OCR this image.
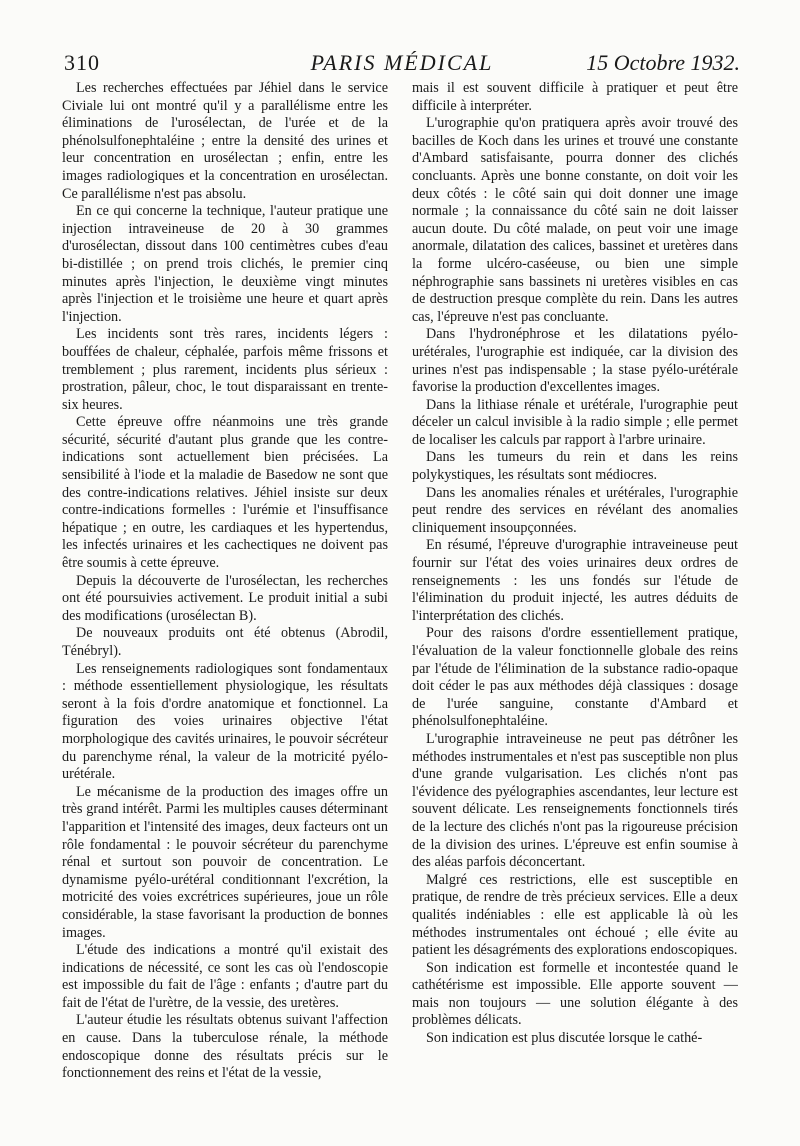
310	PARIS MÉDICAL	15 Octobre 1932.

Les recherches effectuées par Jéhiel dans le service Civiale lui ont montré qu'il y a parallélisme entre les éliminations de l'urosélectan, de l'urée et de la phénolsulfonephtaléine ; entre la densité des urines et leur concentration en urosélectan ; enfin, entre les images radiologiques et la concentration en urosélectan. Ce parallélisme n'est pas absolu.

En ce qui concerne la technique, l'auteur pratique une injection intraveineuse de 20 à 30 grammes d'urosélectan, dissout dans 100 centimètres cubes d'eau bi-distillée ; on prend trois clichés, le premier cinq minutes après l'injection, le deuxième vingt minutes après l'injection et le troisième une heure et quart après l'injection.

Les incidents sont très rares, incidents légers : bouffées de chaleur, céphalée, parfois même frissons et tremblement ; plus rarement, incidents plus sérieux : prostration, pâleur, choc, le tout disparaissant en trente-six heures.

Cette épreuve offre néanmoins une très grande sécurité, sécurité d'autant plus grande que les contre-indications sont actuellement bien précisées. La sensibilité à l'iode et la maladie de Basedow ne sont que des contre-indications relatives. Jéhiel insiste sur deux contre-indications formelles : l'urémie et l'insuffisance hépatique ; en outre, les cardiaques et les hypertendus, les infectés urinaires et les cachectiques ne doivent pas être soumis à cette épreuve.

Depuis la découverte de l'urosélectan, les recherches ont été poursuivies activement. Le produit initial a subi des modifications (urosélectan B).

De nouveaux produits ont été obtenus (Abrodil, Ténébryl).

Les renseignements radiologiques sont fondamentaux : méthode essentiellement physiologique, les résultats seront à la fois d'ordre anatomique et fonctionnel. La figuration des voies urinaires objective l'état morphologique des cavités urinaires, le pouvoir sécréteur du parenchyme rénal, la valeur de la motricité pyélo-urétérale.

Le mécanisme de la production des images offre un très grand intérêt. Parmi les multiples causes déterminant l'apparition et l'intensité des images, deux facteurs ont un rôle fondamental : le pouvoir sécréteur du parenchyme rénal et surtout son pouvoir de concentration. Le dynamisme pyélo-urétéral conditionnant l'excrétion, la motricité des voies excrétrices supérieures, joue un rôle considérable, la stase favorisant la production de bonnes images.

L'étude des indications a montré qu'il existait des indications de nécessité, ce sont les cas où l'endoscopie est impossible du fait de l'âge : enfants ; d'autre part du fait de l'état de l'urètre, de la vessie, des uretères.

L'auteur étudie les résultats obtenus suivant l'affection en cause. Dans la tuberculose rénale, la méthode endoscopique donne des résultats précis sur le fonctionnement des reins et l'état de la vessie,

mais il est souvent difficile à pratiquer et peut être difficile à interpréter.

L'urographie qu'on pratiquera après avoir trouvé des bacilles de Koch dans les urines et trouvé une constante d'Ambard satisfaisante, pourra donner des clichés concluants. Après une bonne constante, on doit voir les deux côtés : le côté sain qui doit donner une image normale ; la connaissance du côté sain ne doit laisser aucun doute. Du côté malade, on peut voir une image anormale, dilatation des calices, bassinet et uretères dans la forme ulcéro-caséeuse, ou bien une simple néphrographie sans bassinets ni uretères visibles en cas de destruction presque complète du rein. Dans les autres cas, l'épreuve n'est pas concluante.

Dans l'hydronéphrose et les dilatations pyélo-urétérales, l'urographie est indiquée, car la division des urines n'est pas indispensable ; la stase pyélo-urétérale favorise la production d'excellentes images.

Dans la lithiase rénale et urétérale, l'urographie peut déceler un calcul invisible à la radio simple ; elle permet de localiser les calculs par rapport à l'arbre urinaire.

Dans les tumeurs du rein et dans les reins polykystiques, les résultats sont médiocres.

Dans les anomalies rénales et urétérales, l'urographie peut rendre des services en révélant des anomalies cliniquement insoupçonnées.

En résumé, l'épreuve d'urographie intraveineuse peut fournir sur l'état des voies urinaires deux ordres de renseignements : les uns fondés sur l'étude de l'élimination du produit injecté, les autres déduits de l'interprétation des clichés.

Pour des raisons d'ordre essentiellement pratique, l'évaluation de la valeur fonctionnelle globale des reins par l'étude de l'élimination de la substance radio-opaque doit céder le pas aux méthodes déjà classiques : dosage de l'urée sanguine, constante d'Ambard et phénolsulfonephtaléine.

L'urographie intraveineuse ne peut pas détrôner les méthodes instrumentales et n'est pas susceptible non plus d'une grande vulgarisation. Les clichés n'ont pas l'évidence des pyélographies ascendantes, leur lecture est souvent délicate. Les renseignements fonctionnels tirés de la lecture des clichés n'ont pas la rigoureuse précision de la division des urines. L'épreuve est enfin soumise à des aléas parfois déconcertant.

Malgré ces restrictions, elle est susceptible en pratique, de rendre de très précieux services. Elle a deux qualités indéniables : elle est applicable là où les méthodes instrumentales ont échoué ; elle évite au patient les désagréments des explorations endoscopiques.

Son indication est formelle et incontestée quand le cathétérisme est impossible. Elle apporte souvent — mais non toujours — une solution élégante à des problèmes délicats.

Son indication est plus discutée lorsque le cathé-
